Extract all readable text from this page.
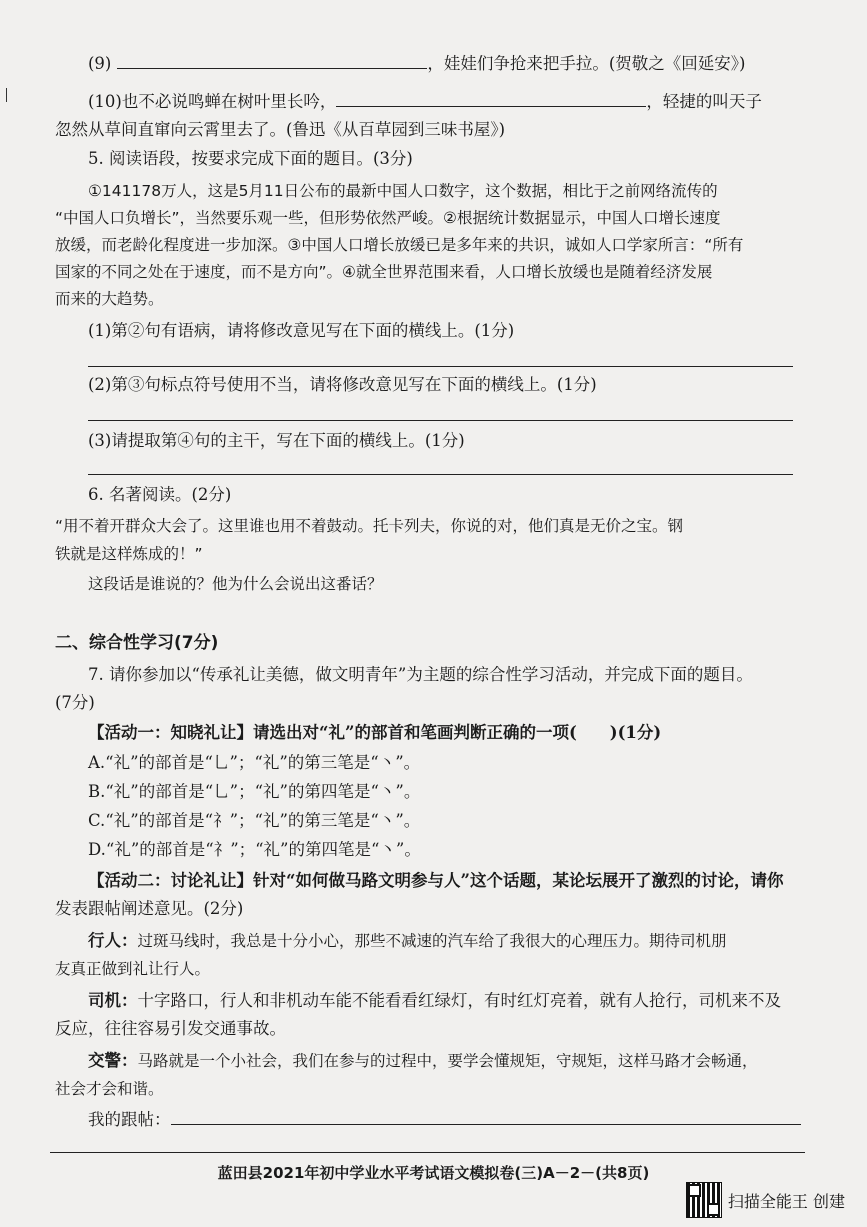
(9)	，娃娃们争抢来把手拉。(贺敬之《回延安》)
(10)也不必说鸣蝉在树叶里长吟，	，轻捷的叫天子
忽然从草间直窜向云霄里去了。(鲁迅《从百草园到三味书屋》)
5. 阅读语段，按要求完成下面的题目。(3分)
①141178万人，这是5月11日公布的最新中国人口数字，这个数据，相比于之前网络流传的
“中国人口负增长”，当然要乐观一些，但形势依然严峻。②根据统计数据显示，中国人口增长速度
放缓，而老龄化程度进一步加深。③中国人口增长放缓已是多年来的共识，诚如人口学家所言：“所有
国家的不同之处在于速度，而不是方向”。④就全世界范围来看，人口增长放缓也是随着经济发展
而来的大趋势。
(1)第②句有语病，请将修改意见写在下面的横线上。(1分)
(2)第③句标点符号使用不当，请将修改意见写在下面的横线上。(1分)
(3)请提取第④句的主干，写在下面的横线上。(1分)
6. 名著阅读。(2分)
“用不着开群众大会了。这里谁也用不着鼓动。托卡列夫，你说的对，他们真是无价之宝。钢
铁就是这样炼成的！”
这段话是谁说的？他为什么会说出这番话？
二、综合性学习(7分)
7. 请你参加以“传承礼让美德，做文明青年”为主题的综合性学习活动，并完成下面的题目。
(7分)
【活动一：知晓礼让】请选出对“礼”的部首和笔画判断正确的一项(　　)(1分)
A.“礼”的部首是“乚”；“礼”的第三笔是“丶”。
B.“礼”的部首是“乚”；“礼”的第四笔是“丶”。
C.“礼”的部首是“礻”；“礼”的第三笔是“丶”。
D.“礼”的部首是“礻”；“礼”的第四笔是“丶”。
【活动二：讨论礼让】针对“如何做马路文明参与人”这个话题，某论坛展开了激烈的讨论，请你
发表跟帖阐述意见。(2分)
行人：过斑马线时，我总是十分小心，那些不减速的汽车给了我很大的心理压力。期待司机朋
友真正做到礼让行人。
司机：十字路口，行人和非机动车能不能看看红绿灯，有时红灯亮着，就有人抢行，司机来不及
反应，往往容易引发交通事故。
交警：马路就是一个小社会，我们在参与的过程中，要学会懂规矩，守规矩，这样马路才会畅通，
社会才会和谐。
我的跟帖：
蓝田县2021年初中学业水平考试语文模拟卷(三)A－2－(共8页)
扫描全能王 创建
